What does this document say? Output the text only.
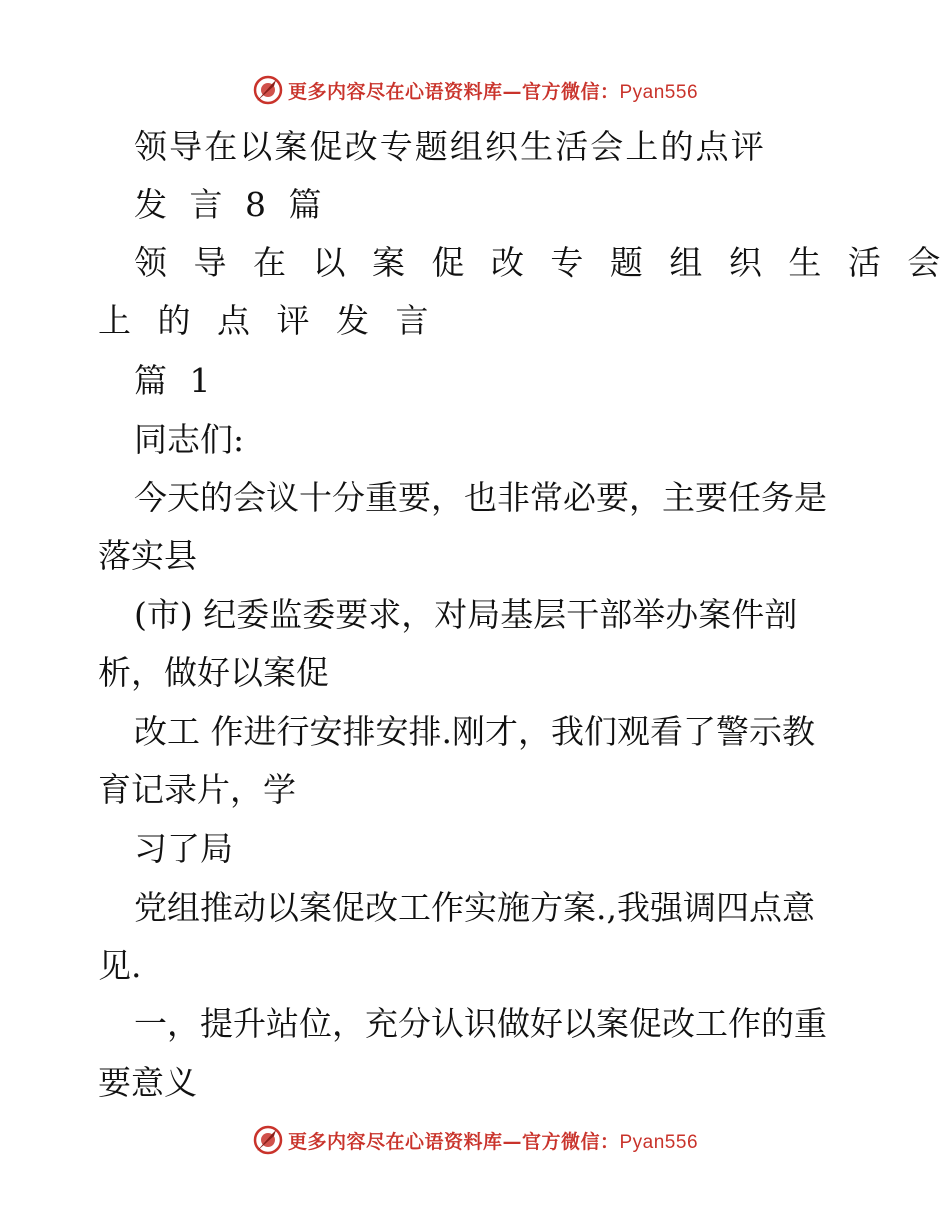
更多内容尽在心语资料库—官方微信：Pyan556
领导在以案促改专题组织生活会上的点评
发 言 8 篇
领 导 在 以 案 促 改 专 题 组 织 生 活 会
上 的 点 评 发 言
篇 1
同志们:
今天的会议十分重要，也非常必要，主要任务是
落实县
(市) 纪委监委要求，对局基层干部举办案件剖
析，做好以案促
改工 作进行安排安排.刚才，我们观看了警示教
育记录片，学
习了局
党组推动以案促改工作实施方案.,我强调四点意
见.
一，提升站位，充分认识做好以案促改工作的重
要意义
更多内容尽在心语资料库—官方微信：Pyan556
